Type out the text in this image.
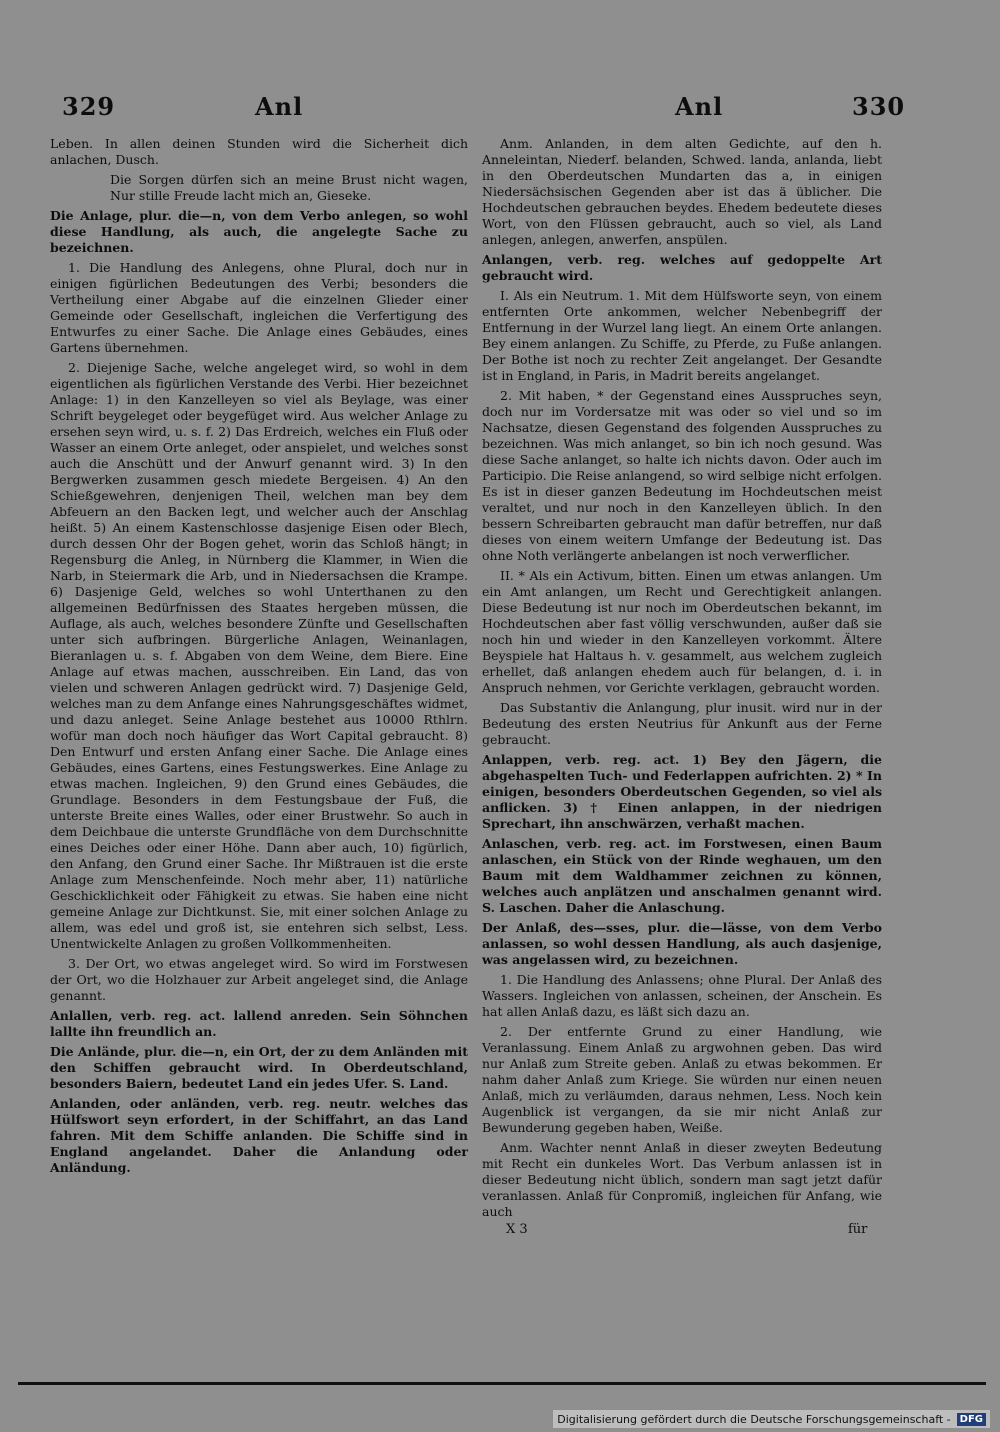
329	Anl	Anl	330

Leben. In allen deinen Stunden wird die Sicherheit dich anlachen, Dusch.

Die Sorgen dürfen sich an meine Brust nicht wagen, Nur stille Freude lacht mich an, Gieseke.

Die Anlage, plur. die—n, von dem Verbo anlegen, so wohl diese Handlung, als auch, die angelegte Sache zu bezeichnen.

1. Die Handlung des Anlegens, ohne Plural, doch nur in einigen figürlichen Bedeutungen des Verbi; besonders die Vertheilung einer Abgabe auf die einzelnen Glieder einer Gemeinde oder Gesellschaft, ingleichen die Verfertigung des Entwurfes zu einer Sache. Die Anlage eines Gebäudes, eines Gartens übernehmen.

2. Diejenige Sache, welche angeleget wird, so wohl in dem eigentlichen als figürlichen Verstande des Verbi. Hier bezeichnet Anlage: 1) in den Kanzelleyen so viel als Beylage, was einer Schrift beygeleget oder beygefüget wird. Aus welcher Anlage zu ersehen seyn wird, u. s. f. 2) Das Erdreich, welches ein Fluß oder Wasser an einem Orte anleget, oder anspielet, und welches sonst auch die Anschütt und der Anwurf genannt wird. 3) In den Bergwerken zusammen gesch miedete Bergeisen. 4) An den Schießgewehren, denjenigen Theil, welchen man bey dem Abfeuern an den Backen legt, und welcher auch der Anschlag heißt. 5) An einem Kastenschlosse dasjenige Eisen oder Blech, durch dessen Ohr der Bogen gehet, worin das Schloß hängt; in Regensburg die Anleg, in Nürnberg die Klammer, in Wien die Narb, in Steiermark die Arb, und in Niedersachsen die Krampe. 6) Dasjenige Geld, welches so wohl Unterthanen zu den allgemeinen Bedürfnissen des Staates hergeben müssen, die Auflage, als auch, welches besondere Zünfte und Gesellschaften unter sich aufbringen. Bürgerliche Anlagen, Weinanlagen, Bieranlagen u. s. f. Abgaben von dem Weine, dem Biere. Eine Anlage auf etwas machen, ausschreiben. Ein Land, das von vielen und schweren Anlagen gedrückt wird. 7) Dasjenige Geld, welches man zu dem Anfange eines Nahrungsgeschäftes widmet, und dazu anleget. Seine Anlage bestehet aus 10000 Rthlrn. wofür man doch noch häufiger das Wort Capital gebraucht. 8) Den Entwurf und ersten Anfang einer Sache. Die Anlage eines Gebäudes, eines Gartens, eines Festungswerkes. Eine Anlage zu etwas machen. Ingleichen, 9) den Grund eines Gebäudes, die Grundlage. Besonders in dem Festungsbaue der Fuß, die unterste Breite eines Walles, oder einer Brustwehr. So auch in dem Deichbaue die unterste Grundfläche von dem Durchschnitte eines Deiches oder einer Höhe. Dann aber auch, 10) figürlich, den Anfang, den Grund einer Sache. Ihr Mißtrauen ist die erste Anlage zum Menschenfeinde. Noch mehr aber, 11) natürliche Geschicklichkeit oder Fähigkeit zu etwas. Sie haben eine nicht gemeine Anlage zur Dichtkunst. Sie, mit einer solchen Anlage zu allem, was edel und groß ist, sie entehren sich selbst, Less. Unentwickelte Anlagen zu großen Vollkommenheiten.

3. Der Ort, wo etwas angeleget wird. So wird im Forstwesen der Ort, wo die Holzhauer zur Arbeit angeleget sind, die Anlage genannt.

Anlallen, verb. reg. act. lallend anreden. Sein Söhnchen lallte ihn freundlich an.

Die Anlände, plur. die—n, ein Ort, der zu dem Anländen mit den Schiffen gebraucht wird. In Oberdeutschland, besonders Baiern, bedeutet Land ein jedes Ufer. S. Land.

Anlanden, oder anländen, verb. reg. neutr. welches das Hülfswort seyn erfordert, in der Schiffahrt, an das Land fahren. Mit dem Schiffe anlanden. Die Schiffe sind in England angelandet. Daher die Anlandung oder Anländung.

Anm. Anlanden, in dem alten Gedichte, auf den h. Anneleintan, Niederf. belanden, Schwed. landa, anlanda, liebt in den Oberdeutschen Mundarten das a, in einigen Niedersächsischen Gegenden aber ist das ä üblicher. Die Hochdeutschen gebrauchen beydes. Ehedem bedeutete dieses Wort, von den Flüssen gebraucht, auch so viel, als Land anlegen, anlegen, anwerfen, anspülen.

Anlangen, verb. reg. welches auf gedoppelte Art gebraucht wird.

I. Als ein Neutrum. 1. Mit dem Hülfsworte seyn, von einem entfernten Orte ankommen, welcher Nebenbegriff der Entfernung in der Wurzel lang liegt. An einem Orte anlangen. Bey einem anlangen. Zu Schiffe, zu Pferde, zu Fuße anlangen. Der Bothe ist noch zu rechter Zeit angelanget. Der Gesandte ist in England, in Paris, in Madrit bereits angelanget.

2. Mit haben, * der Gegenstand eines Ausspruches seyn, doch nur im Vordersatze mit was oder so viel und so im Nachsatze, diesen Gegenstand des folgenden Ausspruches zu bezeichnen. Was mich anlanget, so bin ich noch gesund. Was diese Sache anlanget, so halte ich nichts davon. Oder auch im Participio. Die Reise anlangend, so wird selbige nicht erfolgen. Es ist in dieser ganzen Bedeutung im Hochdeutschen meist veraltet, und nur noch in den Kanzelleyen üblich. In den bessern Schreibarten gebraucht man dafür betreffen, nur daß dieses von einem weitern Umfange der Bedeutung ist. Das ohne Noth verlängerte anbelangen ist noch verwerflicher.

II. * Als ein Activum, bitten. Einen um etwas anlangen. Um ein Amt anlangen, um Recht und Gerechtigkeit anlangen. Diese Bedeutung ist nur noch im Oberdeutschen bekannt, im Hochdeutschen aber fast völlig verschwunden, außer daß sie noch hin und wieder in den Kanzelleyen vorkommt. Ältere Beyspiele hat Haltaus h. v. gesammelt, aus welchem zugleich erhellet, daß anlangen ehedem auch für belangen, d. i. in Anspruch nehmen, vor Gerichte verklagen, gebraucht worden.

Das Substantiv die Anlangung, plur inusit. wird nur in der Bedeutung des ersten Neutrius für Ankunft aus der Ferne gebraucht.

Anlappen, verb. reg. act. 1) Bey den Jägern, die abgehaspelten Tuch- und Federlappen aufrichten. 2) * In einigen, besonders Oberdeutschen Gegenden, so viel als anflicken. 3) † Einen anlappen, in der niedrigen Sprechart, ihn anschwärzen, verhaßt machen.

Anlaschen, verb. reg. act. im Forstwesen, einen Baum anlaschen, ein Stück von der Rinde weghauen, um den Baum mit dem Waldhammer zeichnen zu können, welches auch anplätzen und anschalmen genannt wird. S. Laschen. Daher die Anlaschung.

Der Anlaß, des—sses, plur. die—lässe, von dem Verbo anlassen, so wohl dessen Handlung, als auch dasjenige, was angelassen wird, zu bezeichnen.

1. Die Handlung des Anlassens; ohne Plural. Der Anlaß des Wassers. Ingleichen von anlassen, scheinen, der Anschein. Es hat allen Anlaß dazu, es läßt sich dazu an.

2. Der entfernte Grund zu einer Handlung, wie Veranlassung. Einem Anlaß zu argwohnen geben. Das wird nur Anlaß zum Streite geben. Anlaß zu etwas bekommen. Er nahm daher Anlaß zum Kriege. Sie würden nur einen neuen Anlaß, mich zu verläumden, daraus nehmen, Less. Noch kein Augenblick ist vergangen, da sie mir nicht Anlaß zur Bewunderung gegeben haben, Weiße.

Anm. Wachter nennt Anlaß in dieser zweyten Bedeutung mit Recht ein dunkeles Wort. Das Verbum anlassen ist in dieser Bedeutung nicht üblich, sondern man sagt jetzt dafür veranlassen. Anlaß für Conpromiß, ingleichen für Anfang, wie auch

X 3	für
Digitalisierung gefördert durch die Deutsche Forschungsgemeinschaft - DFG
